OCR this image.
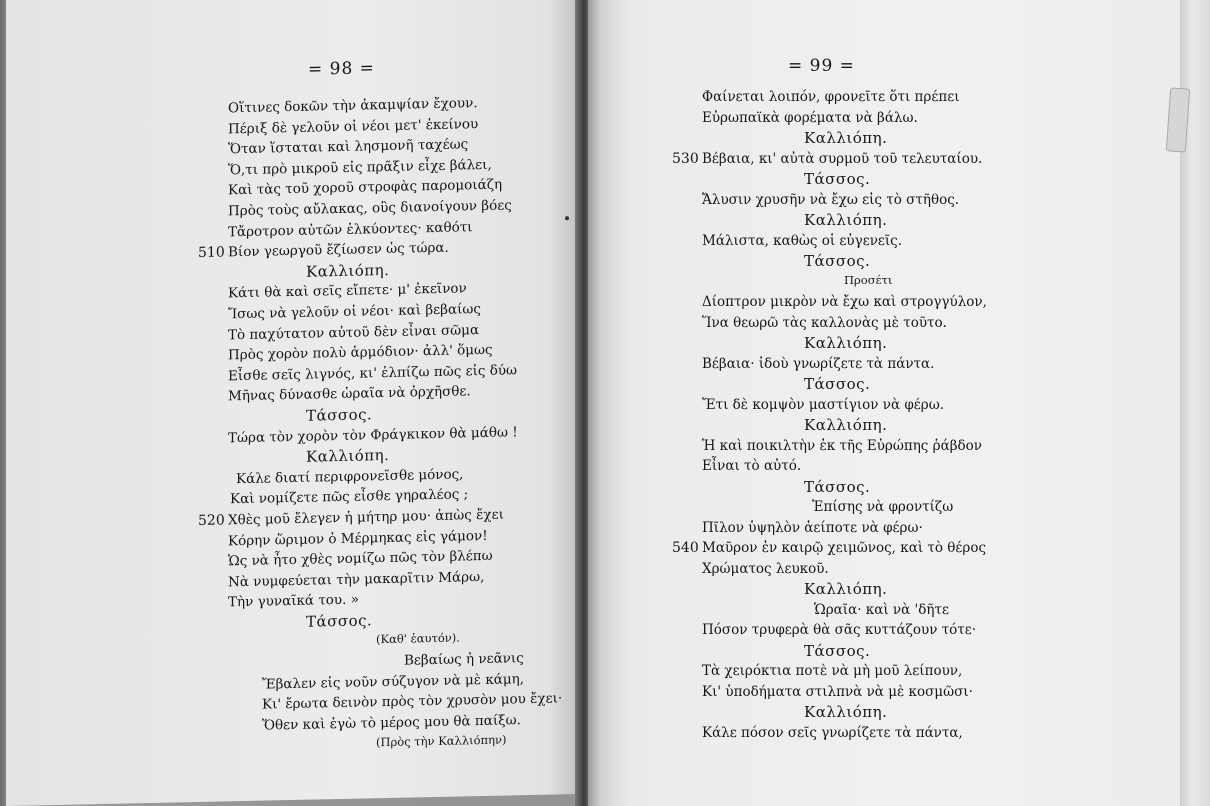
= 98 =
Οἵτινες δοκῶν τὴν ἀκαμψίαν ἔχουν.
Πέριξ δὲ γελοῦν οἱ νέοι μετ' ἐκείνου
Ὅταν ἵσταται καὶ λησμονῆ ταχέως
Ὅ,τι πρὸ μικροῦ εἰς πρᾶξιν εἶχε βάλει,
Καὶ τὰς τοῦ χοροῦ στροφὰς παρομοιάζη
Πρὸς τοὺς αὔλακας, οὓς διανοίγουν βόες
Τἄροτρον αὐτῶν ἑλκύοντες· καθότι
Βίον γεωργοῦ ἔζίωσεν ὡς τώρα.
510
Καλλιόπη.
Κάτι θὰ καὶ σεῖς εἴπετε· μ' ἐκεῖνον
Ἴσως νὰ γελοῦν οἱ νέοι· καὶ βεβαίως
Τὸ παχύτατον αὐτοῦ δὲν εἶναι σῶμα
Πρὸς χορὸν πολὺ ἁρμόδιον· ἀλλ' ὅμως
Εἶσθε σεῖς λιγνός, κι' ἐλπίζω πῶς εἰς δύω
Μῆνας δύνασθε ὡραῖα νὰ ὀρχῆσθε.
Τάσσος.
Τώρα τὸν χορὸν τὸν Φράγκικον θὰ μάθω !
Καλλιόπη.
Κάλε διατί περιφρονεῖσθε μόνος,
Καὶ νομίζετε πῶς εἶσθε γηραλέος ;
Χθὲς μοῦ ἔλεγεν ἡ μήτηρ μου· ἀπὼς ἔχει
520
Κόρην ὥριμον ὁ Μέρμηκας εἰς γάμον!
Ὡς νὰ ἦτο χθὲς νομίζω πῶς τὸν βλέπω
Νὰ νυμφεύεται τὴν μακαρῖτιν Μάρω,
Τὴν γυναῖκά του. »
Τάσσος.
(Καθ' ἑαυτόν).
Βεβαίως ἡ νεᾶνις
Ἔβαλεν εἰς νοῦν σύζυγον νὰ μὲ κάμη,
Κι' ἔρωτα δεινὸν πρὸς τὸν χρυσὸν μου ἔχει·
Ὅθεν καὶ ἐγὼ τὸ μέρος μου θὰ παίξω.
(Πρὸς τὴν Καλλιόπην)
= 99 =
Φαίνεται λοιπόν, φρονεῖτε ὅτι πρέπει
Εὐρωπαϊκὰ φορέματα νὰ βάλω.
Καλλιόπη.
Βέβαια, κι' αὐτὰ συρμοῦ τοῦ τελευταίου.
530
Τάσσος.
Ἄλυσιν χρυσῆν νὰ ἔχω εἰς τὸ στῆθος.
Καλλιόπη.
Μάλιστα, καθὼς οἱ εὐγενεῖς.
Τάσσος.
Προσέτι
Δίοπτρον μικρὸν νὰ ἔχω καὶ στρογγύλον,
Ἵνα θεωρῶ τὰς καλλονὰς μὲ τοῦτο.
Καλλιόπη.
Βέβαια· ἰδοὺ γνωρίζετε τὰ πάντα.
Τάσσος.
Ἔτι δὲ κομψὸν μαστίγιον νὰ φέρω.
Καλλιόπη.
Ἡ καὶ ποικιλτὴν ἐκ τῆς Εὐρώπης ῥάβδον
Εἶναι τὸ αὐτό.
Τάσσος.
Ἐπίσης νὰ φροντίζω
Πῖλον ὑψηλὸν ἀείποτε νὰ φέρω·
Μαῦρον ἐν καιρῷ χειμῶνος, καὶ τὸ θέρος
540
Χρώματος λευκοῦ.
Καλλιόπη.
Ὡραῖα· καὶ νὰ 'δῆτε
Πόσον τρυφερὰ θὰ σᾶς κυττάζουν τότε·
Τάσσος.
Τὰ χειρόκτια ποτὲ νὰ μὴ μοῦ λείπουν,
Κι' ὑποδήματα στιλπνὰ νὰ μὲ κοσμῶσι·
Καλλιόπη.
Κάλε πόσον σεῖς γνωρίζετε τὰ πάντα,
